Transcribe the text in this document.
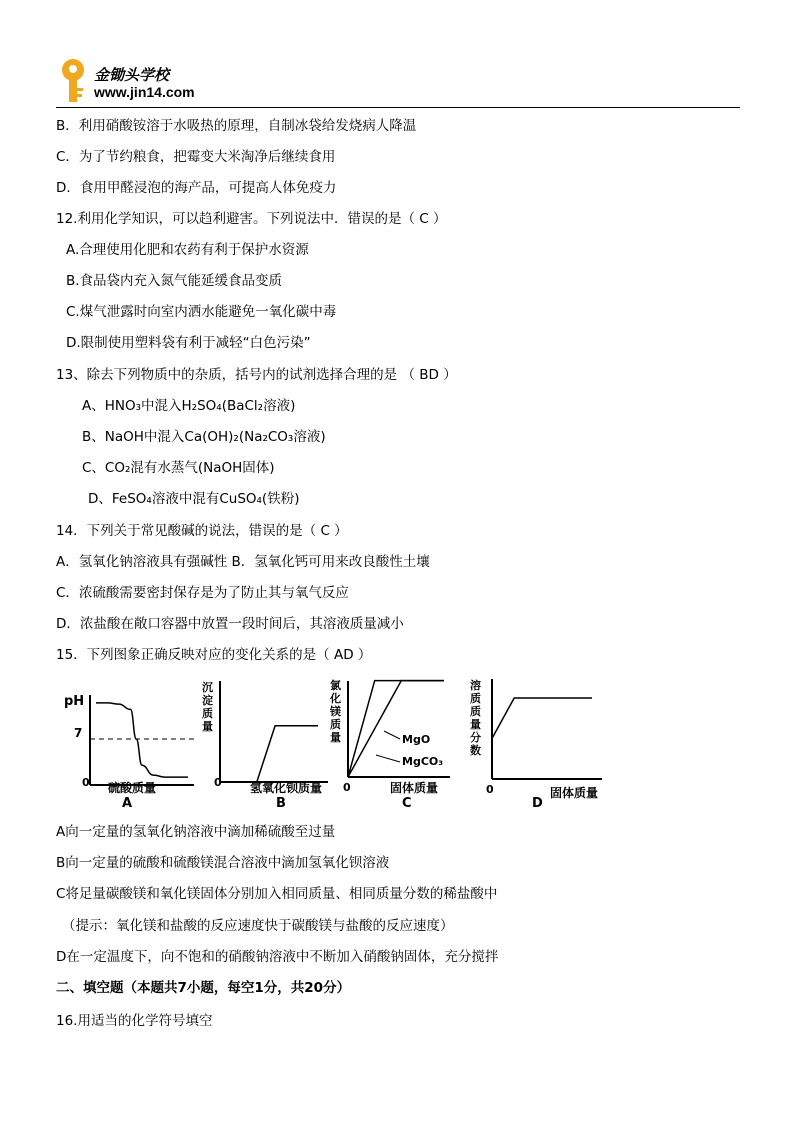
金锄头学校
www.jin14.com
B．利用硝酸铵溶于水吸热的原理，自制冰袋给发烧病人降温
C．为了节约粮食，把霉变大米淘净后继续食用
D．食用甲醛浸泡的海产品，可提高人体免疫力
12.利用化学知识，可以趋利避害。下列说法中．错误的是（ C ）
A.合理使用化肥和农药有利于保护水资源
B.食品袋内充入氮气能延缓食品变质
C.煤气泄露时向室内洒水能避免一氧化碳中毒
D.限制使用塑料袋有利于减轻“白色污染”
13、除去下列物质中的杂质，括号内的试剂选择合理的是 （ BD ）
A、HNO₃中混入H₂SO₄(BaCl₂溶液)
B、NaOH中混入Ca(OH)₂(Na₂CO₃溶液)
C、CO₂混有水蒸气(NaOH固体)
D、FeSO₄溶液中混有CuSO₄(铁粉)
14．下列关于常见酸碱的说法，错误的是（ C ）
A．氢氧化钠溶液具有强碱性 B．氢氧化钙可用来改良酸性土壤
C．浓硫酸需要密封保存是为了防止其与氧气反应
D．浓盐酸在敞口容器中放置一段时间后，其溶液质量减小
15．下列图象正确反映对应的变化关系的是（ AD ）
pH
7
0 硫酸质量
A
沉
淀
质
量
0 氢氧化钡质量
B
氯
化
镁
质
量	MgO
MgCO₃
0	固体质量
C
溶
质
质
量
分
数
0	固体质量
D
A向一定量的氢氧化钠溶液中滴加稀硫酸至过量
B向一定量的硫酸和硫酸镁混合溶液中滴加氢氧化钡溶液
C将足量碳酸镁和氧化镁固体分别加入相同质量、相同质量分数的稀盐酸中
（提示：氧化镁和盐酸的反应速度快于碳酸镁与盐酸的反应速度）
D在一定温度下，向不饱和的硝酸钠溶液中不断加入硝酸钠固体，充分搅拌
二、填空题（本题共7小题，每空1分，共20分）
16.用适当的化学符号填空
